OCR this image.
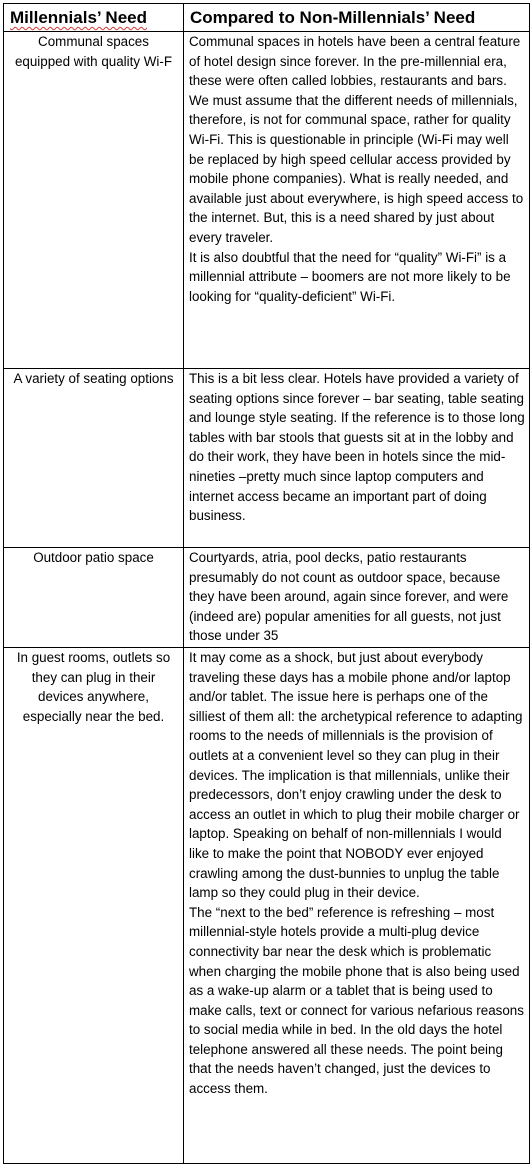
Millennials’ Need	Compared to Non-Millennials’ Need
Communal spaces equipped with quality Wi-F	Communal spaces in hotels have been a central feature of hotel design since forever. In the pre-millennial era, these were often called lobbies, restaurants and bars. We must assume that the different needs of millennials, therefore, is not for communal space, rather for quality Wi-Fi. This is questionable in principle (Wi-Fi may well be replaced by high speed cellular access provided by mobile phone companies). What is really needed, and available just about everywhere, is high speed access to the internet. But, this is a need shared by just about every traveler.

It is also doubtful that the need for “quality” Wi-Fi” is a millennial attribute – boomers are not more likely to be looking for “quality-deficient” Wi-Fi.

A variety of seating options	This is a bit less clear. Hotels have provided a variety of seating options since forever – bar seating, table seating and lounge style seating. If the reference is to those long tables with bar stools that guests sit at in the lobby and do their work, they have been in hotels since the mid-nineties –pretty much since laptop computers and internet access became an important part of doing business.

Outdoor patio space	Courtyards, atria, pool decks, patio restaurants presumably do not count as outdoor space, because they have been around, again since forever, and were (indeed are) popular amenities for all guests, not just those under 35

In guest rooms, outlets so they can plug in their devices anywhere, especially near the bed.	It may come as a shock, but just about everybody traveling these days has a mobile phone and/or laptop and/or tablet. The issue here is perhaps one of the silliest of them all: the archetypical reference to adapting rooms to the needs of millennials is the provision of outlets at a convenient level so they can plug in their devices. The implication is that millennials, unlike their predecessors, don’t enjoy crawling under the desk to access an outlet in which to plug their mobile charger or laptop. Speaking on behalf of non-millennials I would like to make the point that NOBODY ever enjoyed crawling among the dust-bunnies to unplug the table lamp so they could plug in their device.

The “next to the bed” reference is refreshing – most millennial-style hotels provide a multi-plug device connectivity bar near the desk which is problematic when charging the mobile phone that is also being used as a wake-up alarm or a tablet that is being used to make calls, text or connect for various nefarious reasons to social media while in bed. In the old days the hotel telephone answered all these needs. The point being that the needs haven’t changed, just the devices to access them.
